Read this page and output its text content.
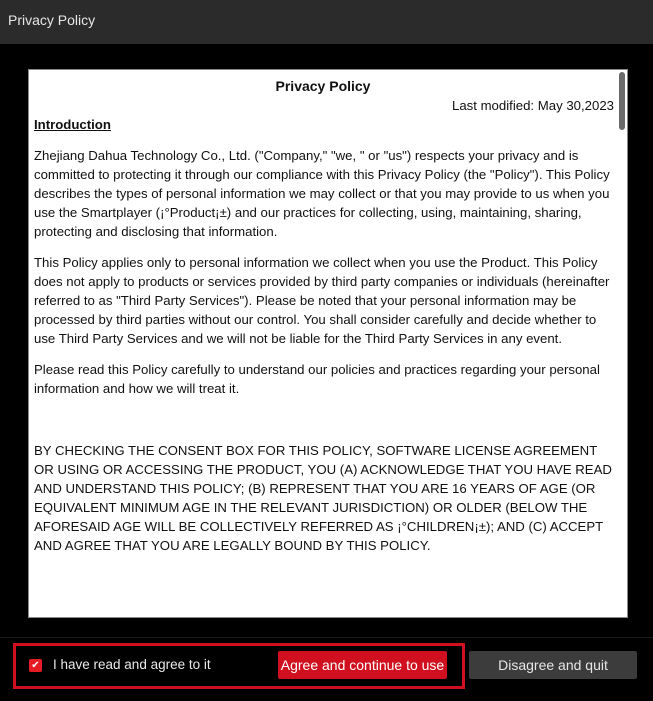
Privacy Policy
Privacy Policy
Last modified: May 30,2023
Introduction

Zhejiang Dahua Technology Co., Ltd. ("Company," "we, " or "us") respects your privacy and is committed to protecting it through our compliance with this Privacy Policy (the "Policy"). This Policy describes the types of personal information we may collect or that you may provide to us when you use the Smartplayer (¡°Product¡±) and our practices for collecting, using, maintaining, sharing, protecting and disclosing that information.

This Policy applies only to personal information we collect when you use the Product. This Policy does not apply to products or services provided by third party companies or individuals (hereinafter referred to as "Third Party Services"). Please be noted that your personal information may be processed by third parties without our control. You shall consider carefully and decide whether to use Third Party Services and we will not be liable for the Third Party Services in any event.

Please read this Policy carefully to understand our policies and practices regarding your personal information and how we will treat it.

BY CHECKING THE CONSENT BOX FOR THIS POLICY, SOFTWARE LICENSE AGREEMENT OR USING OR ACCESSING THE PRODUCT, YOU (A) ACKNOWLEDGE THAT YOU HAVE READ AND UNDERSTAND THIS POLICY; (B) REPRESENT THAT YOU ARE 16 YEARS OF AGE (OR EQUIVALENT MINIMUM AGE IN THE RELEVANT JURISDICTION) OR OLDER (BELOW THE AFORESAID AGE WILL BE COLLECTIVELY REFERRED AS ¡°CHILDREN¡±); AND (C) ACCEPT AND AGREE THAT YOU ARE LEGALLY BOUND BY THIS POLICY.

✔ I have read and agree to it	Agree and continue to use	Disagree and quit
